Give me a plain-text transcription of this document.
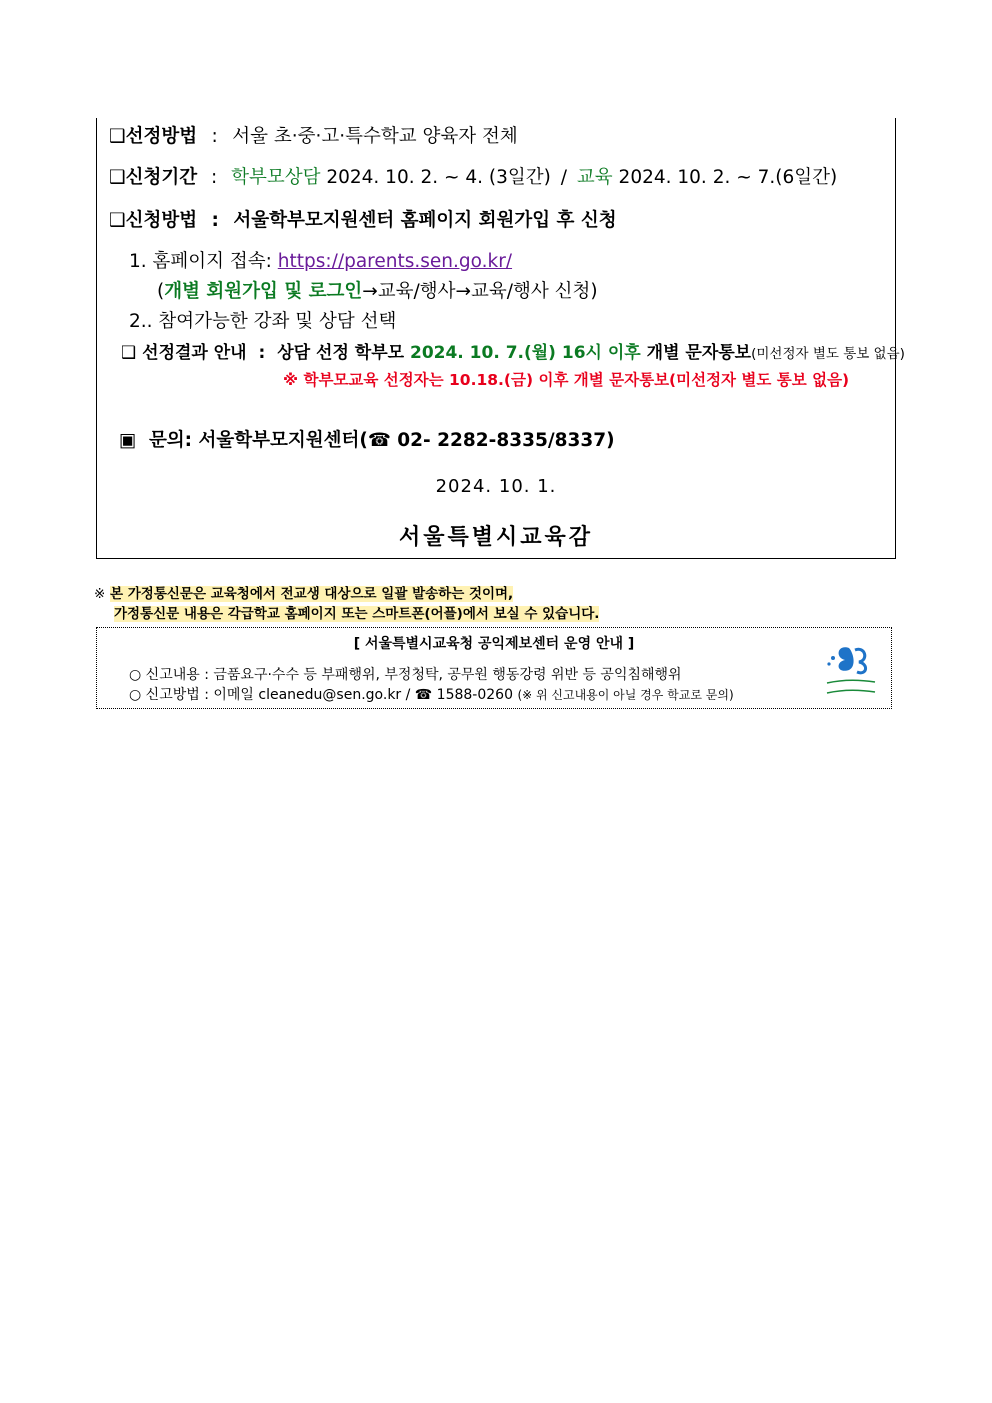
❑선정방법 : 서울 초·중·고·특수학교 양육자 전체
❑신청기간 : 학부모상담 2024. 10. 2. ~ 4. (3일간) / 교육 2024. 10. 2. ~ 7.(6일간)
❑신청방법 : 서울학부모지원센터 홈페이지 회원가입 후 신청
1. 홈페이지 접속: https://parents.sen.go.kr/
(개별 회원가입 및 로그인→교육/행사→교육/행사 신청)
2.. 참여가능한 강좌 및 상담 선택
❑ 선정결과 안내 : 상담 선정 학부모 2024. 10. 7.(월) 16시 이후 개별 문자통보(미선정자 별도 통보 없음)
※ 학부모교육 선정자는 10.18.(금) 이후 개별 문자통보(미선정자 별도 통보 없음)
▣ 문의: 서울학부모지원센터(☎ 02- 2282-8335/8337)
2024. 10. 1.
서울특별시교육감
※ 본 가정통신문은 교육청에서 전교생 대상으로 일괄 발송하는 것이며,
가정통신문 내용은 각급학교 홈페이지 또는 스마트폰(어플)에서 보실 수 있습니다.
[ 서울특별시교육청 공익제보센터 운영 안내 ]
○ 신고내용 : 금품요구·수수 등 부패행위, 부정청탁, 공무원 행동강령 위반 등 공익침해행위
○ 신고방법 : 이메일 cleanedu@sen.go.kr / ☎ 1588-0260 (※ 위 신고내용이 아닐 경우 학교로 문의)
